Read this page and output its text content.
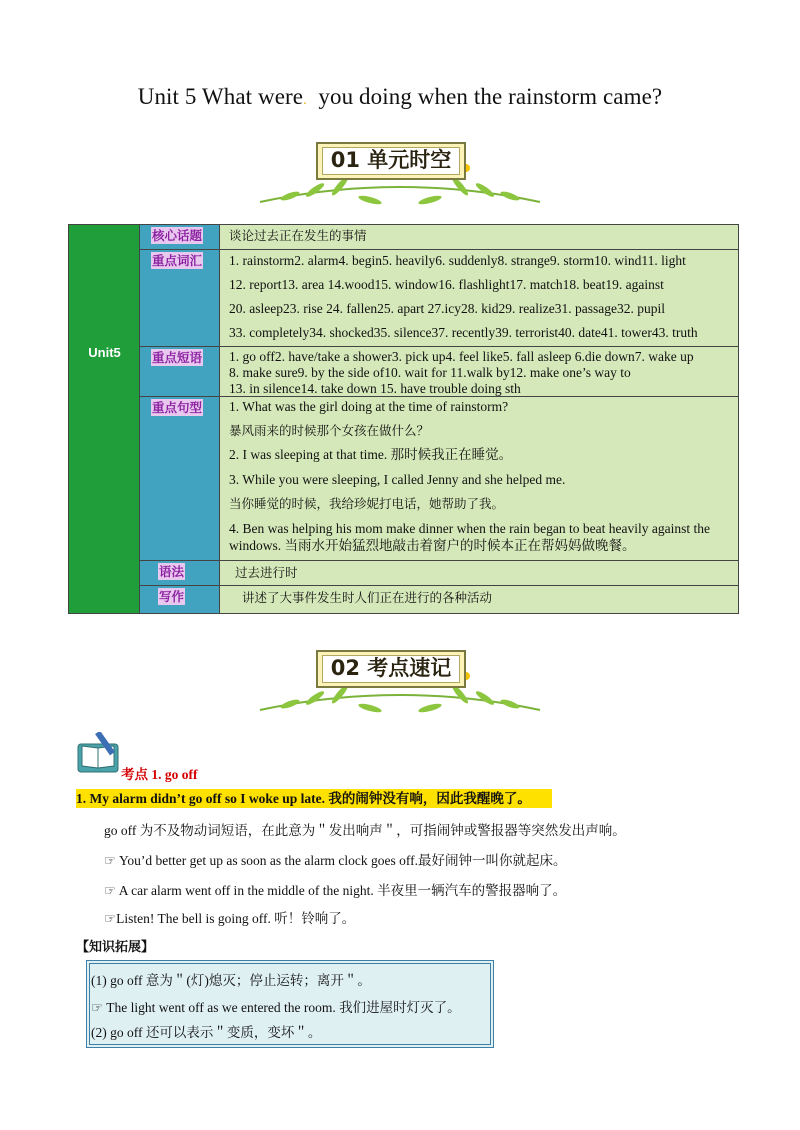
Unit 5 What were. you doing when the rainstorm came?
01 单元时空
Unit5
核心话题 谈论过去正在发生的事情
重点词汇 1. rainstorm2. alarm4. begin5. heavily6. suddenly8. strange9. storm10. wind11. light
12. report13. area 14.wood15. window16. flashlight17. match18. beat19. against
20. asleep23. rise 24. fallen25. apart 27.icy28. kid29. realize31. passage32. pupil
33. completely34. shocked35. silence37. recently39. terrorist40. date41. tower43. truth
重点短语 1. go off2. have/take a shower3. pick up4. feel like5. fall asleep 6.die down7. wake up
8. make sure9. by the side of10. wait for 11.walk by12. make one’s way to
13. in silence14. take down 15. have trouble doing sth
重点句型 1. What was the girl doing at the time of rainstorm?
暴风雨来的时候那个女孩在做什么？
2. I was sleeping at that time. 那时候我正在睡觉。
3. While you were sleeping, I called Jenny and she helped me.
当你睡觉的时候，我给珍妮打电话，她帮助了我。
4. Ben was helping his mom make dinner when the rain began to beat heavily against the
windows. 当雨水开始猛烈地敲击着窗户的时候本正在帮妈妈做晚餐。
语法	过去进行时
写作	讲述了大事件发生时人们正在进行的各种活动
02 考点速记
考点 1. go off
1. My alarm didn’t go off so I woke up late. 我的闹钟没有响，因此我醒晚了。
go off 为不及物动词短语，在此意为＂发出响声＂，可指闹钟或警报器等突然发出声响。
☞ You’d better get up as soon as the alarm clock goes off.最好闹钟一叫你就起床。
☞ A car alarm went off in the middle of the night. 半夜里一辆汽车的警报器响了。
☞Listen! The bell is going off. 听！铃响了。
【知识拓展】
(1) go off 意为＂(灯)熄灭；停止运转；离开＂。
☞ The light went off as we entered the room. 我们进屋时灯灭了。
(2) go off 还可以表示＂变质，变坏＂。
